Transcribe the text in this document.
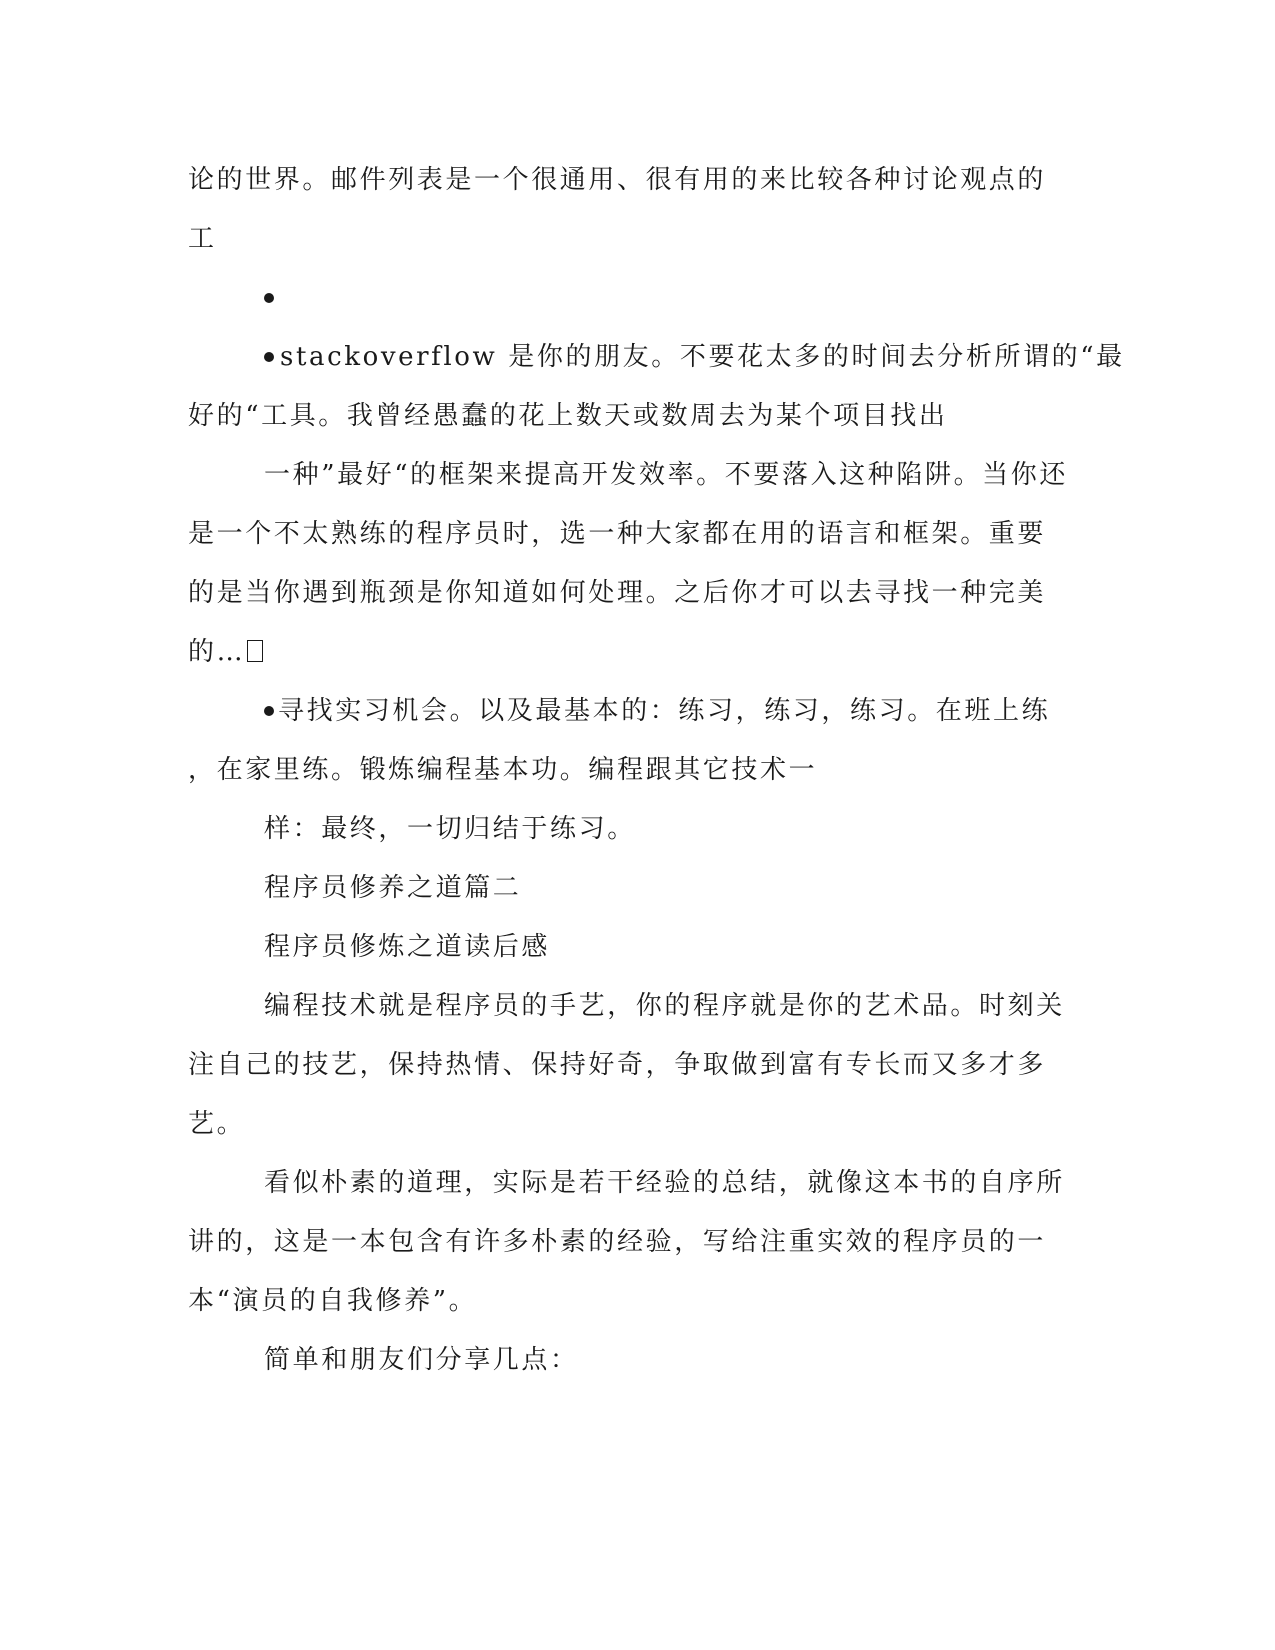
论的世界。邮件列表是一个很通用、很有用的来比较各种讨论观点的
工
stackoverflow 是你的朋友。不要花太多的时间去分析所谓的“最
好的“工具。我曾经愚蠢的花上数天或数周去为某个项目找出
一种”最好“的框架来提高开发效率。不要落入这种陷阱。当你还
是一个不太熟练的程序员时，选一种大家都在用的语言和框架。重要
的是当你遇到瓶颈是你知道如何处理。之后你才可以去寻找一种完美
的…
寻找实习机会。以及最基本的：练习，练习，练习。在班上练
，在家里练。锻炼编程基本功。编程跟其它技术一
样：最终，一切归结于练习。
程序员修养之道篇二
程序员修炼之道读后感
编程技术就是程序员的手艺，你的程序就是你的艺术品。时刻关
注自己的技艺，保持热情、保持好奇，争取做到富有专长而又多才多
艺。
看似朴素的道理，实际是若干经验的总结，就像这本书的自序所
讲的，这是一本包含有许多朴素的经验，写给注重实效的程序员的一
本“演员的自我修养”。
简单和朋友们分享几点：
